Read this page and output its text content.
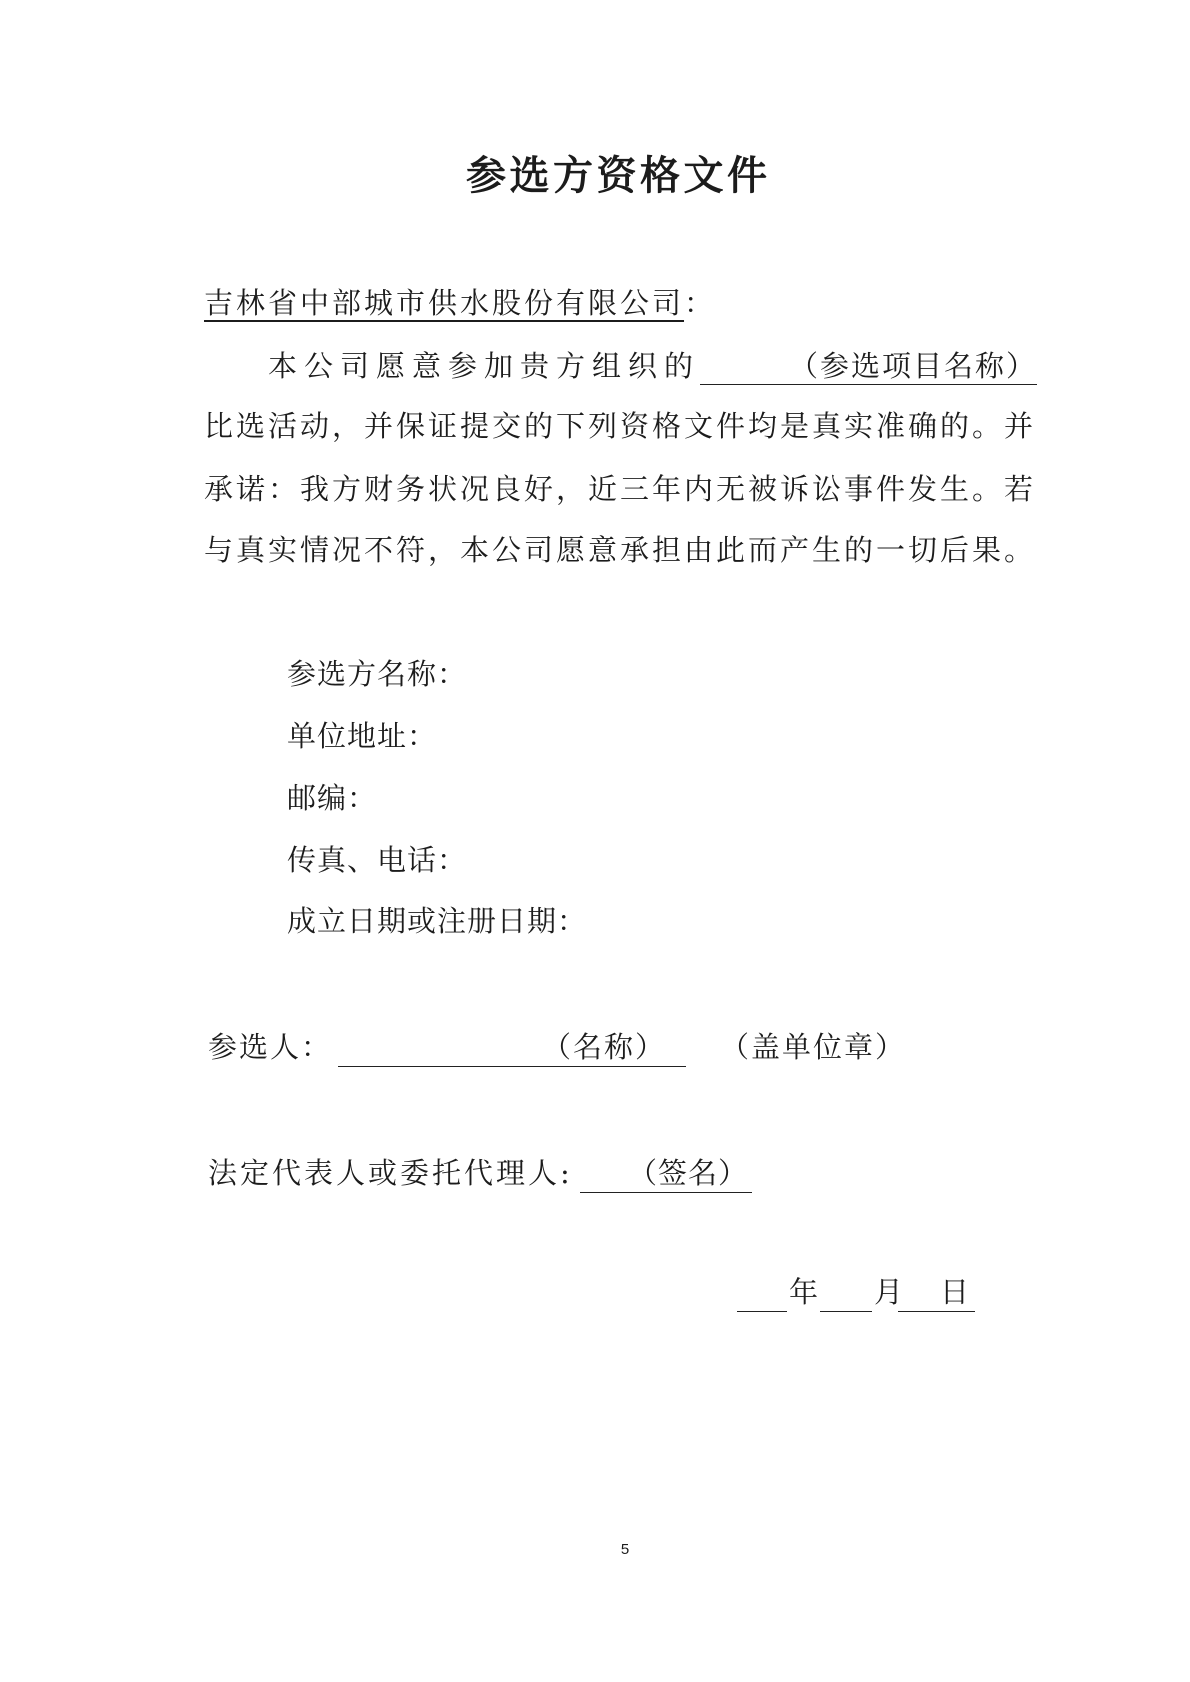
参选方资格文件
吉林省中部城市供水股份有限公司：
本公司愿意参加贵方组织的	（参选项目名称）
比选活动，并保证提交的下列资格文件均是真实准确的。并
承诺：我方财务状况良好，近三年内无被诉讼事件发生。若
与真实情况不符，本公司愿意承担由此而产生的一切后果。
参选方名称：
单位地址：
邮编：
传真、电话：
成立日期或注册日期：
参选人：	（名称）	（盖单位章）
法定代表人或委托代理人:	（签名）
年 月	日
5
